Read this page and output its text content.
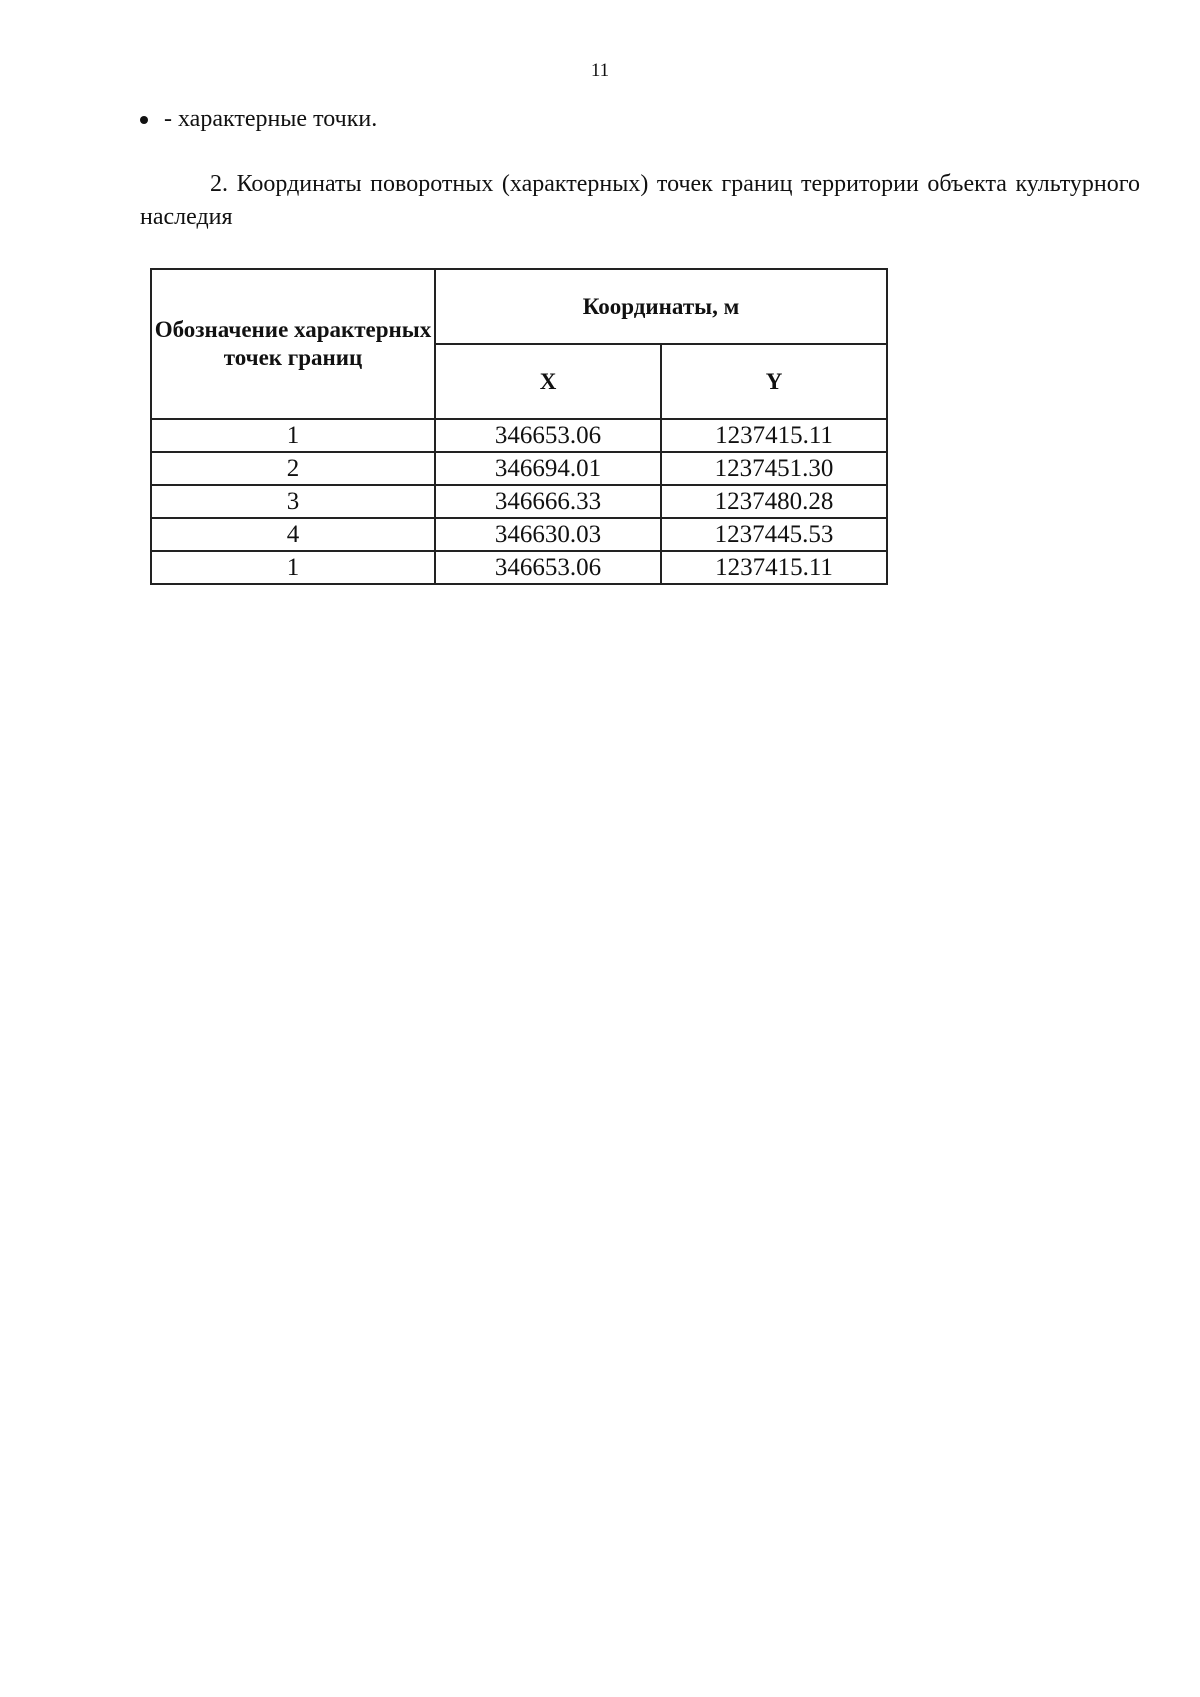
11
- характерные точки.

2. Координаты поворотных (характерных) точек границ территории объекта культурного наследия

Обозначение характерных точек границ	Координаты, м	
	X	Y
1	346653.06	1237415.11
2	346694.01	1237451.30
3	346666.33	1237480.28
4	346630.03	1237445.53
1	346653.06	1237415.11
